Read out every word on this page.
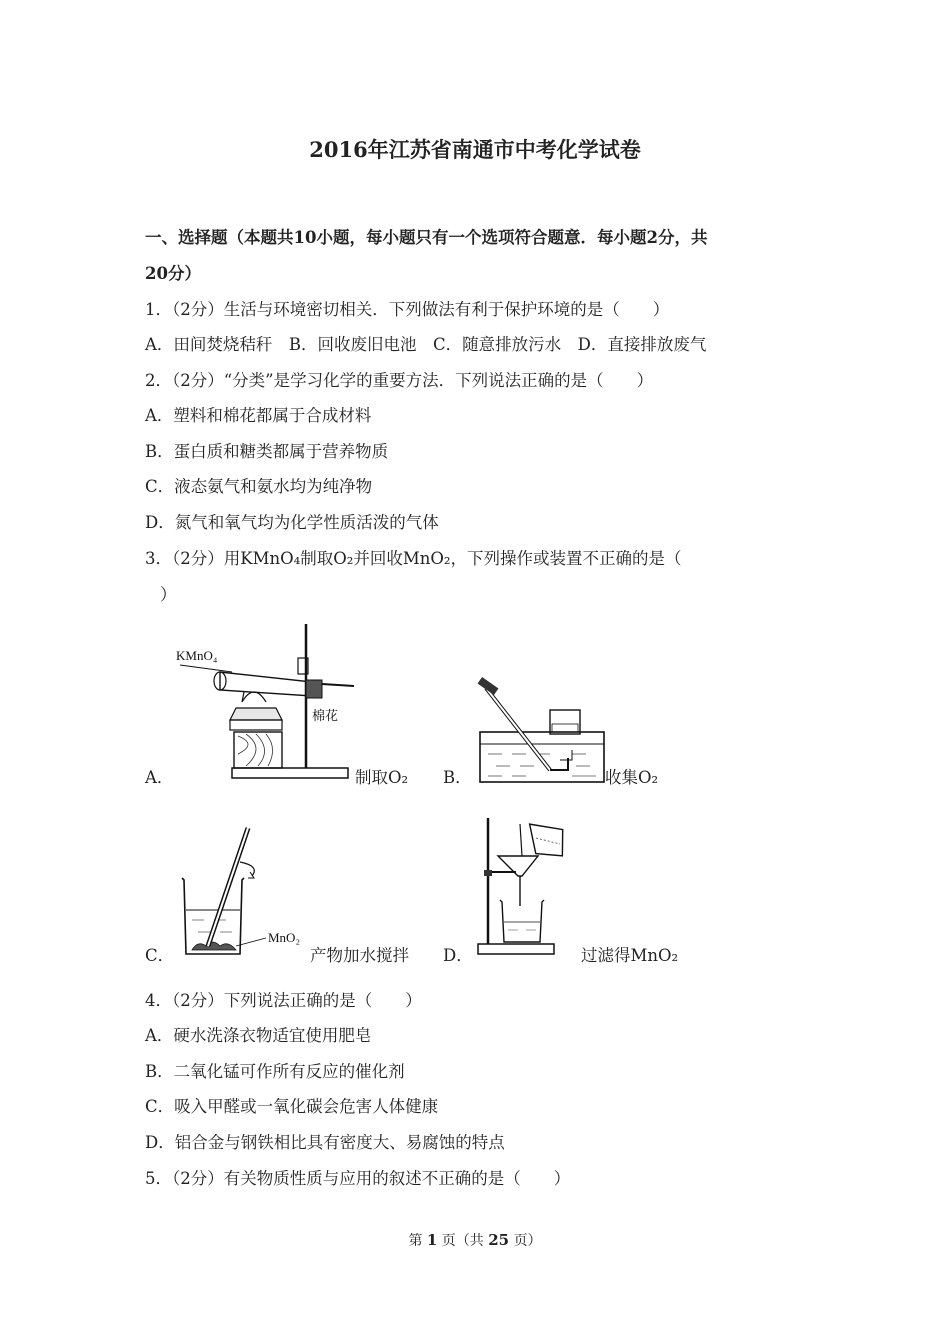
2016年江苏省南通市中考化学试卷
一、选择题（本题共10小题，每小题只有一个选项符合题意．每小题2分，共
20分）
1．（2分）生活与环境密切相关．下列做法有利于保护环境的是（　　）
A．田间焚烧秸秆　B．回收废旧电池　C．随意排放污水　D．直接排放废气
2．（2分）“分类”是学习化学的重要方法．下列说法正确的是（　　）
A．塑料和棉花都属于合成材料
B．蛋白质和糖类都属于营养物质
C．液态氨气和氨水均为纯净物
D．氮气和氧气均为化学性质活泼的气体
3．（2分）用KMnO₄制取O₂并回收MnO₂，下列操作或装置不正确的是（
）
KMnO₄
棉花
MnO₂
A．	制取O₂ B．	收集O₂
C．	产物加水搅拌 D．	过滤得MnO₂
4．（2分）下列说法正确的是（　　）
A．硬水洗涤衣物适宜使用肥皂
B．二氧化锰可作所有反应的催化剂
C．吸入甲醛或一氧化碳会危害人体健康
D．铝合金与钢铁相比具有密度大、易腐蚀的特点
5．（2分）有关物质性质与应用的叙述不正确的是（　　）
第 1 页（共 25 页）
